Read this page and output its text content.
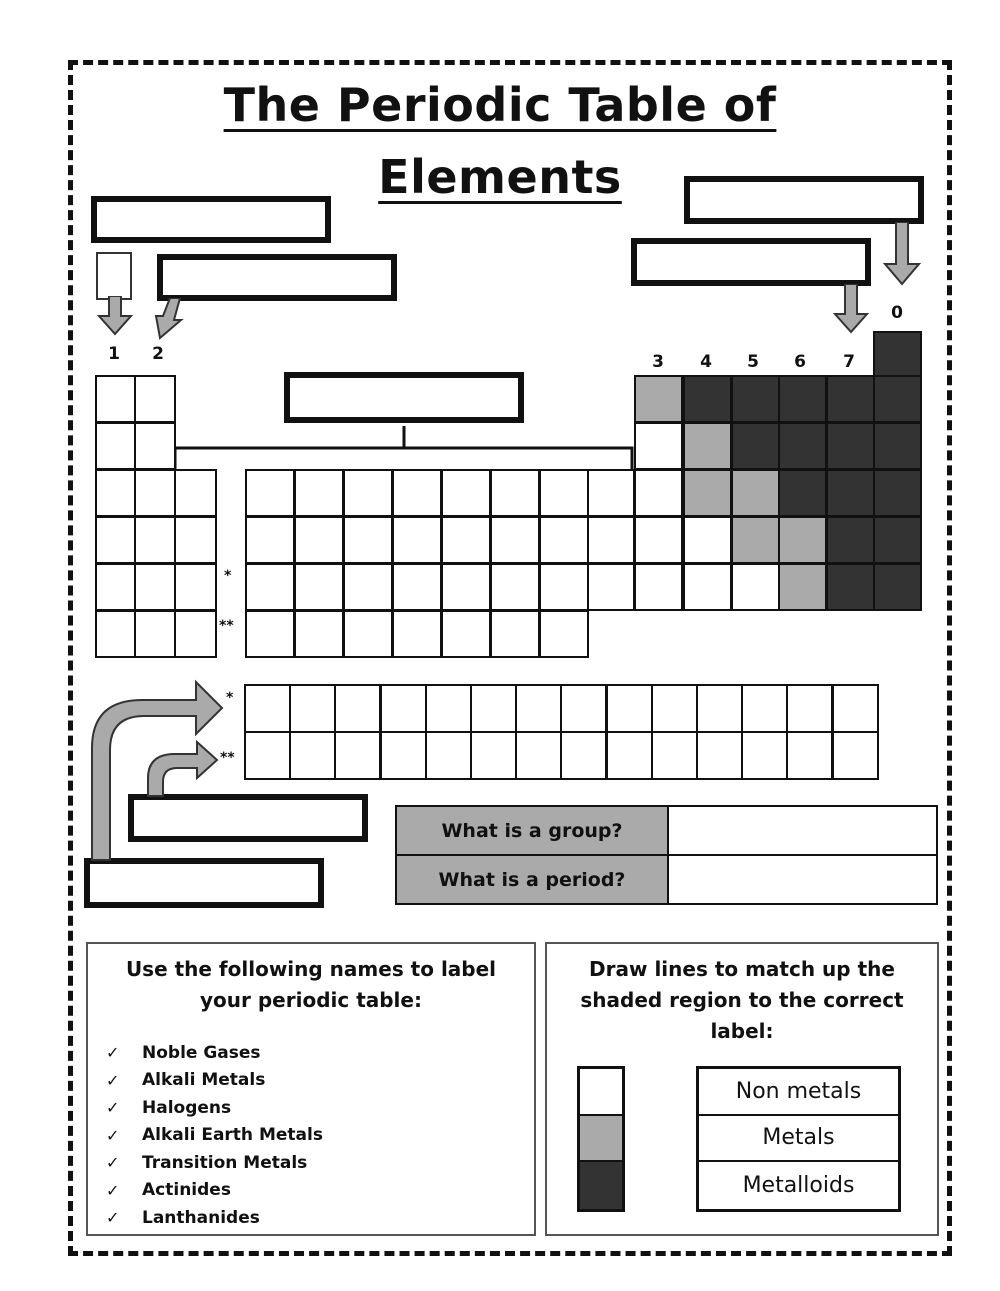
The Periodic Table of
Elements
1 2	3 4 5 6 7
0
*
**
*
**
What is a group?
What is a period?
Use the following names to label your periodic table:
✓	Noble Gases
✓	Alkali Metals
✓	Halogens
✓	Alkali Earth Metals
✓	Transition Metals
✓	Actinides
✓	Lanthanides
Draw lines to match up the shaded region to the correct label:
Non metals
Metals
Metalloids
